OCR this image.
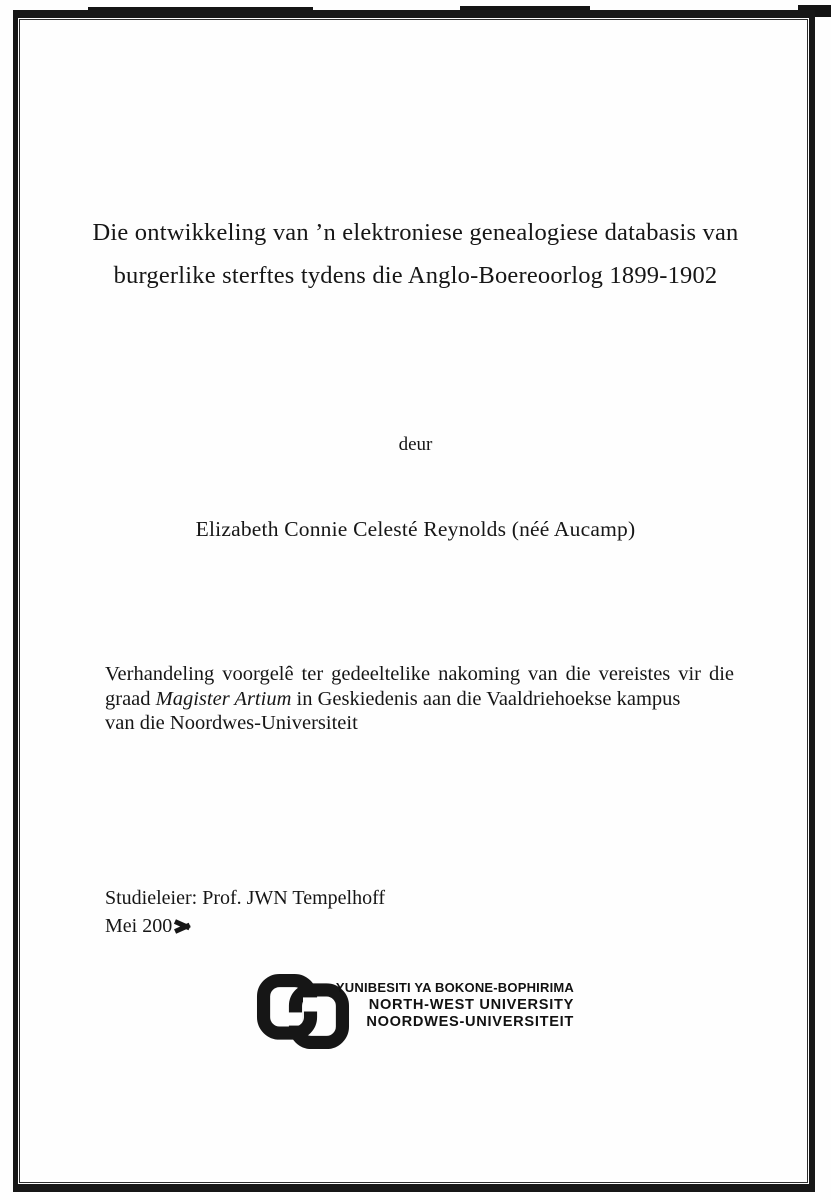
Die ontwikkeling van ’n elektroniese genealogiese databasis van
burgerlike sterftes tydens die Anglo-Boereoorlog 1899-1902
deur
Elizabeth Connie Celesté Reynolds (néé Aucamp)
Verhandeling voorgelê ter gedeeltelike nakoming van die vereistes vir die
graad Magister Artium in Geskiedenis aan die Vaaldriehoekse kampus
van die Noordwes-Universiteit
Studieleier: Prof. JWN Tempelhoff
Mei 200
YUNIBESITI YA BOKONE-BOPHIRIMA
NORTH-WEST UNIVERSITY
NOORDWES-UNIVERSITEIT
